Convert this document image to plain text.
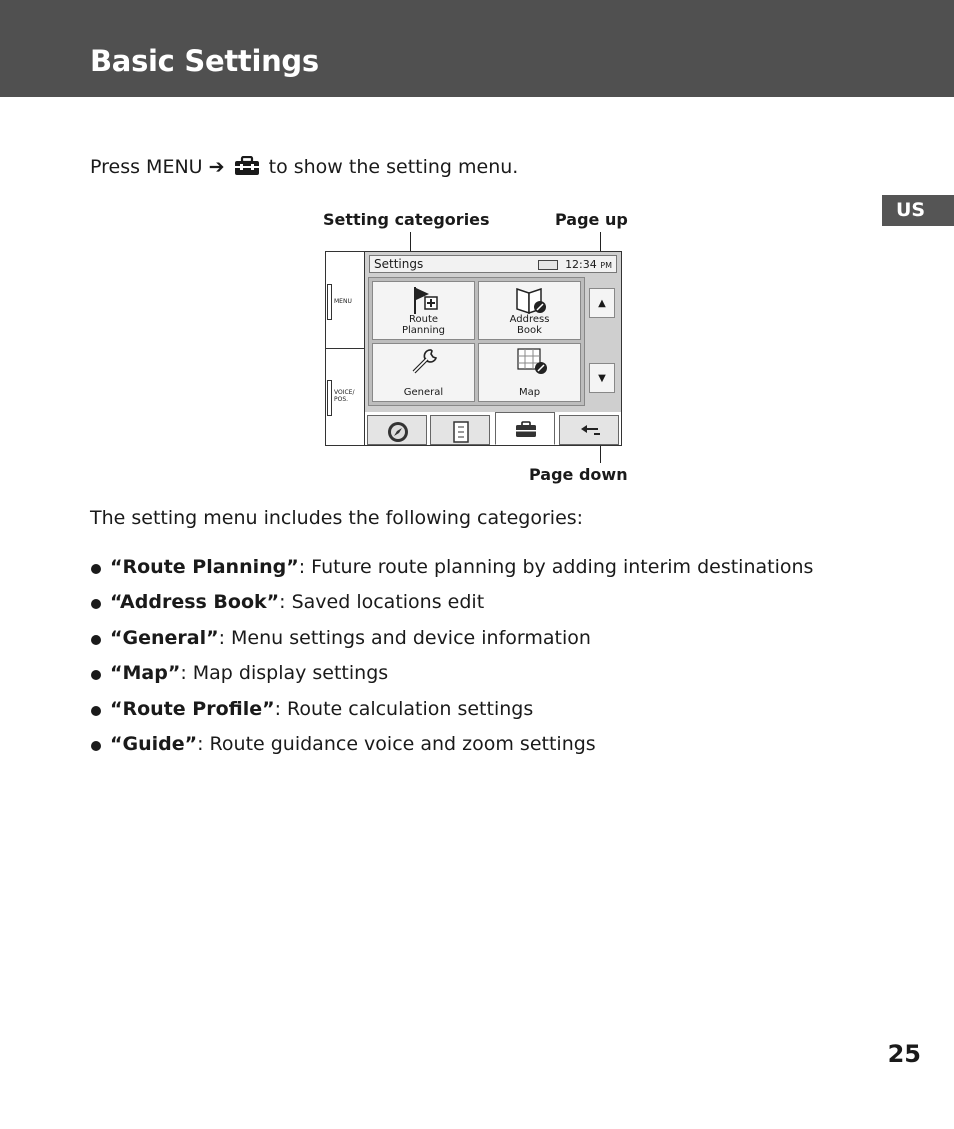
Basic Settings
US
Press MENU ➔ to show the setting menu.
Setting categories	Page up
Page down
MENU
VOICE/
POS.
Settings	12:34 PM
Route
Planning
Address
Book
General	Map
▲
▼
The setting menu includes the following categories:
“Route Planning”: Future route planning by adding interim destinations
“Address Book”: Saved locations edit
“General”: Menu settings and device information
“Map”: Map display settings
“Route Profile”: Route calculation settings
“Guide”: Route guidance voice and zoom settings
25
